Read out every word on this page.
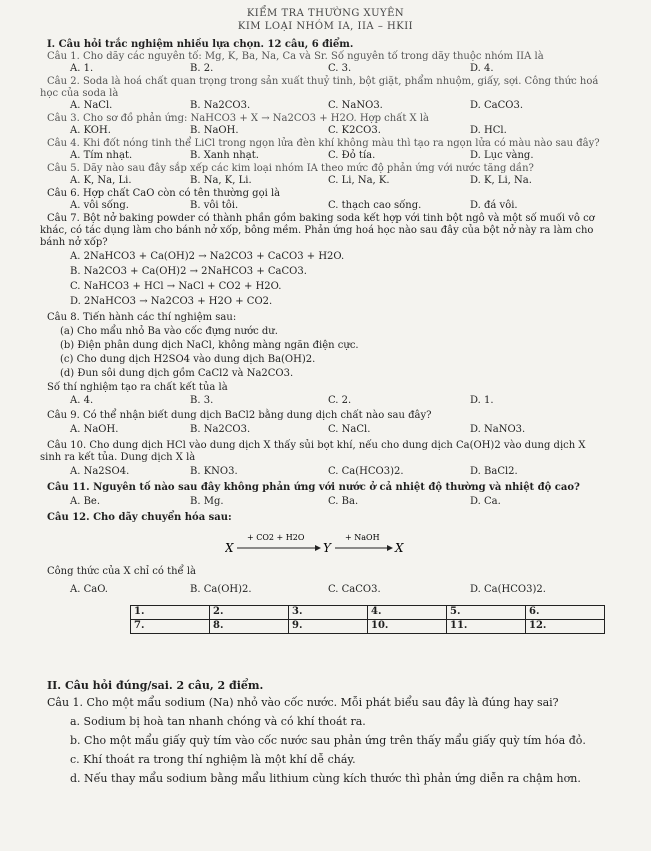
KIỂM TRA THƯỜNG XUYÊN
KIM LOẠI NHÓM IA, IIA – HKII
I. Câu hỏi trắc nghiệm nhiều lựa chọn. 12 câu, 6 điểm.
Câu 1. Cho dãy các nguyên tố: Mg, K, Ba, Na, Ca và Sr. Số nguyên tố trong dãy thuộc nhóm IIA là
A. 1.	B. 2.	C. 3.	D. 4.
Câu 2. Soda là hoá chất quan trọng trong sản xuất thuỷ tinh, bột giặt, phẩm nhuộm, giấy, sợi. Công thức hoá
học của soda là
A. NaCl.	B. Na2CO3.	C. NaNO3.	D. CaCO3.
Câu 3. Cho sơ đồ phản ứng: NaHCO3 + X → Na2CO3 + H2O. Hợp chất X là
A. KOH.	B. NaOH.	C. K2CO3.	D. HCl.
Câu 4. Khi đốt nóng tinh thể LiCl trong ngọn lửa đèn khí không màu thì tạo ra ngọn lửa có màu nào sau đây?
A. Tím nhạt.	B. Xanh nhạt.	C. Đỏ tía.	D. Lục vàng.
Câu 5. Dãy nào sau đây sắp xếp các kim loại nhóm IA theo mức độ phản ứng với nước tăng dần?
A. K, Na, Li.	B. Na, K, Li.	C. Li, Na, K.	D. K, Li, Na.
Câu 6. Hợp chất CaO còn có tên thường gọi là
A. vôi sống.	B. vôi tôi.	C. thạch cao sống.	D. đá vôi.
Câu 7. Bột nở baking powder có thành phần gồm baking soda kết hợp với tinh bột ngô và một số muối vô cơ
khác, có tác dụng làm cho bánh nở xốp, bông mềm. Phản ứng hoá học nào sau đây của bột nở này ra làm cho
bánh nở xốp?
A. 2NaHCO3 + Ca(OH)2 → Na2CO3 + CaCO3 + H2O.
B. Na2CO3 + Ca(OH)2 → 2NaHCO3 + CaCO3.
C. NaHCO3 + HCl → NaCl + CO2 + H2O.
D. 2NaHCO3 → Na2CO3 + H2O + CO2.
Câu 8. Tiến hành các thí nghiệm sau:
(a) Cho mẩu nhỏ Ba vào cốc đựng nước dư.
(b) Điện phân dung dịch NaCl, không màng ngăn điện cực.
(c) Cho dung dịch H2SO4 vào dung dịch Ba(OH)2.
(d) Đun sôi dung dịch gồm CaCl2 và Na2CO3.
Số thí nghiệm tạo ra chất kết tủa là
A. 4.	B. 3.	C. 2.	D. 1.
Câu 9. Có thể nhận biết dung dịch BaCl2 bằng dung dịch chất nào sau đây?
A. NaOH.	B. Na2CO3.	C. NaCl.	D. NaNO3.
Câu 10. Cho dung dịch HCl vào dung dịch X thấy sủi bọt khí, nếu cho dung dịch Ca(OH)2 vào dung dịch X
sinh ra kết tủa. Dung dịch X là
A. Na2SO4.	B. KNO3.	C. Ca(HCO3)2.	D. BaCl2.
Câu 11. Nguyên tố nào sau đây không phản ứng với nước ở cả nhiệt độ thường và nhiệt độ cao?
A. Be.	B. Mg.	C. Ba.	D. Ca.
Câu 12. Cho dãy chuyển hóa sau:
X
+ CO2 + H2O
Y
+ NaOH
X
Công thức của X chỉ có thể là
A. CaO.	B. Ca(OH)2.	C. CaCO3.	D. Ca(HCO3)2.
1.	2.	3.	4.	5.	6.
7.	8.	9.	10.	11.	12.
II. Câu hỏi đúng/sai. 2 câu, 2 điểm.
Câu 1. Cho một mẩu sodium (Na) nhỏ vào cốc nước. Mỗi phát biểu sau đây là đúng hay sai?
a. Sodium bị hoà tan nhanh chóng và có khí thoát ra.
b. Cho một mẩu giấy quỳ tím vào cốc nước sau phản ứng trên thấy mẩu giấy quỳ tím hóa đỏ.
c. Khí thoát ra trong thí nghiệm là một khí dễ cháy.
d. Nếu thay mẩu sodium bằng mẩu lithium cùng kích thước thì phản ứng diễn ra chậm hơn.
